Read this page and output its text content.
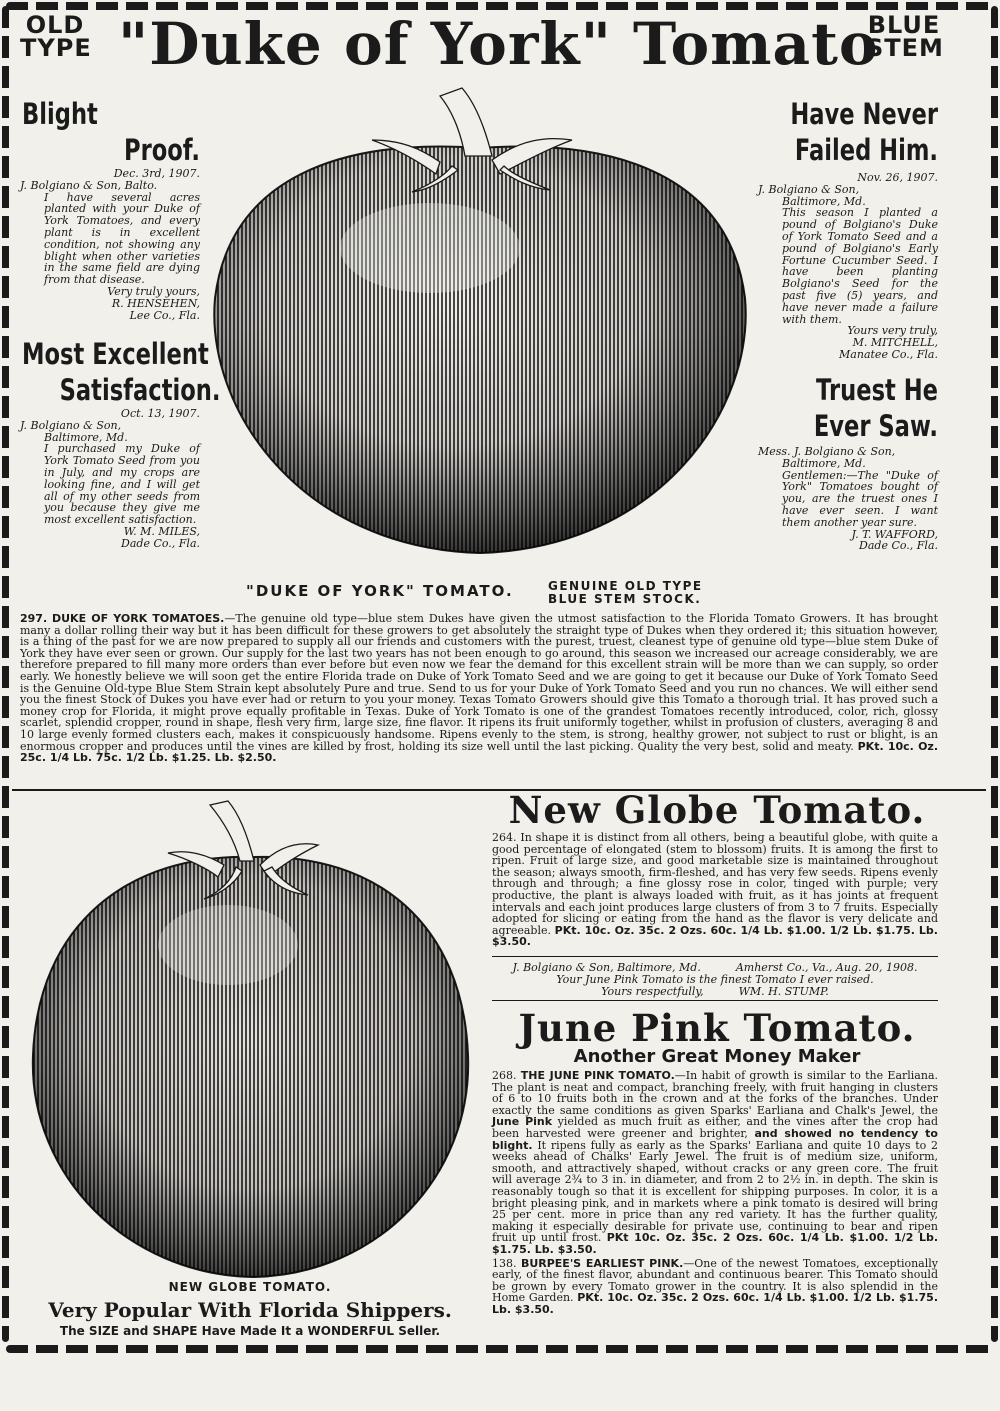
OLD TYPE "Duke of York" Tomato
BLUE STEM
Blight
Proof.
Dec. 3rd, 1907.
J. Bolgiano & Son, Balto.
I have several acres planted with your Duke of York Tomatoes, and every plant is in excellent condition, not showing any blight when other varieties in the same field are dying from that disease.
Very truly yours,
R. HENSEHEN,
Lee Co., Fla.
Most Excellent
Satisfaction.
Oct. 13, 1907.
J. Bolgiano & Son,
Baltimore, Md.
I purchased my Duke of York Tomato Seed from you in July, and my crops are looking fine, and I will get all of my other seeds from you because they give me most excellent satisfaction.
W. M. MILES,
Dade Co., Fla.
Have Never
Failed Him.
Nov. 26, 1907.
J. Bolgiano & Son,
Baltimore, Md.
This season I planted a pound of Bolgiano's Duke of York Tomato Seed and a pound of Bolgiano's Early Fortune Cucumber Seed. I have been planting Bolgiano's Seed for the past five (5) years, and have never made a failure with them.
Yours very truly,
M. MITCHELL,
Manatee Co., Fla.
Truest He
Ever Saw.
Mess. J. Bolgiano & Son,
Baltimore, Md.
Gentlemen:—The "Duke of York" Tomatoes bought of you, are the truest ones I have ever seen. I want them another year sure.
J. T. WAFFORD,
Dade Co., Fla.
"DUKE OF YORK" TOMATO.	GENUINE OLD TYPE
BLUE STEM STOCK.
297. DUKE OF YORK TOMATOES.—The genuine old type—blue stem Dukes have given the utmost satisfaction to the Florida Tomato Growers. It has brought many a dollar rolling their way but it has been difficult for these growers to get absolutely the straight type of Dukes when they ordered it; this situation however, is a thing of the past for we are now prepared to supply all our friends and customers with the purest, truest, cleanest type of genuine old type—blue stem Duke of York they have ever seen or grown. Our supply for the last two years has not been enough to go around, this season we increased our acreage considerably, we are therefore prepared to fill many more orders than ever before but even now we fear the demand for this excellent strain will be more than we can supply, so order early. We honestly believe we will soon get the entire Florida trade on Duke of York Tomato Seed and we are going to get it because our Duke of York Tomato Seed is the Genuine Old-type Blue Stem Strain kept absolutely Pure and true. Send to us for your Duke of York Tomato Seed and you run no chances. We will either send you the finest Stock of Dukes you have ever had or return to you your money. Texas Tomato Growers should give this Tomato a thorough trial. It has proved such a money crop for Florida, it might prove equally profitable in Texas. Duke of York Tomato is one of the grandest Tomatoes recently introduced, color, rich, glossy scarlet, splendid cropper, round in shape, flesh very firm, large size, fine flavor. It ripens its fruit uniformly together, whilst in profusion of clusters, averaging 8 and 10 large evenly formed clusters each, makes it conspicuously handsome. Ripens evenly to the stem, is strong, healthy grower, not subject to rust or blight, is an enormous cropper and produces until the vines are killed by frost, holding its size well until the last picking. Quality the very best, solid and meaty. PKt. 10c. Oz. 25c. 1/4 Lb. 75c. 1/2 Lb. $1.25. Lb. $2.50.
NEW GLOBE TOMATO.
Very Popular With Florida Shippers.
The SIZE and SHAPE Have Made It a WONDERFUL Seller.
New Globe Tomato.
264. In shape it is distinct from all others, being a beautiful globe, with quite a good percentage of elongated (stem to blossom) fruits. It is among the first to ripen. Fruit of large size, and good marketable size is maintained throughout the season; always smooth, firm-fleshed, and has very few seeds. Ripens evenly through and through; a fine glossy rose in color, tinged with purple; very productive, the plant is always loaded with fruit, as it has joints at frequent intervals and each joint produces large clusters of from 3 to 7 fruits. Especially adopted for slicing or eating from the hand as the flavor is very delicate and agreeable. PKt. 10c. Oz. 35c. 2 Ozs. 60c. 1/4 Lb. $1.00. 1/2 Lb. $1.75. Lb. $3.50.
J. Bolgiano & Son, Baltimore, Md.          Amherst Co., Va., Aug. 20, 1908.
Your June Pink Tomato is the finest Tomato I ever raised.
Yours respectfully,          WM. H. STUMP.
June Pink Tomato.
Another Great Money Maker
268. THE JUNE PINK TOMATO.—In habit of growth is similar to the Earliana. The plant is neat and compact, branching freely, with fruit hanging in clusters of 6 to 10 fruits both in the crown and at the forks of the branches. Under exactly the same conditions as given Sparks' Earliana and Chalk's Jewel, the June Pink yielded as much fruit as either, and the vines after the crop had been harvested were greener and brighter, and showed no tendency to blight. It ripens fully as early as the Sparks' Earliana and quite 10 days to 2 weeks ahead of Chalks' Early Jewel. The fruit is of medium size, uniform, smooth, and attractively shaped, without cracks or any green core. The fruit will average 2¾ to 3 in. in diameter, and from 2 to 2½ in. in depth. The skin is reasonably tough so that it is excellent for shipping purposes. In color, it is a bright pleasing pink, and in markets where a pink tomato is desired will bring 25 per cent. more in price than any red variety. It has the further quality, making it especially desirable for private use, continuing to bear and ripen fruit up until frost. PKt 10c. Oz. 35c. 2 Ozs. 60c. 1/4 Lb. $1.00. 1/2 Lb. $1.75. Lb. $3.50.
138. BURPEE'S EARLIEST PINK.—One of the newest Tomatoes, exceptionally early, of the finest flavor, abundant and continuous bearer. This Tomato should be grown by every Tomato grower in the country. It is also splendid in the Home Garden. PKt. 10c. Oz. 35c. 2 Ozs. 60c. 1/4 Lb. $1.00. 1/2 Lb. $1.75. Lb. $3.50.
